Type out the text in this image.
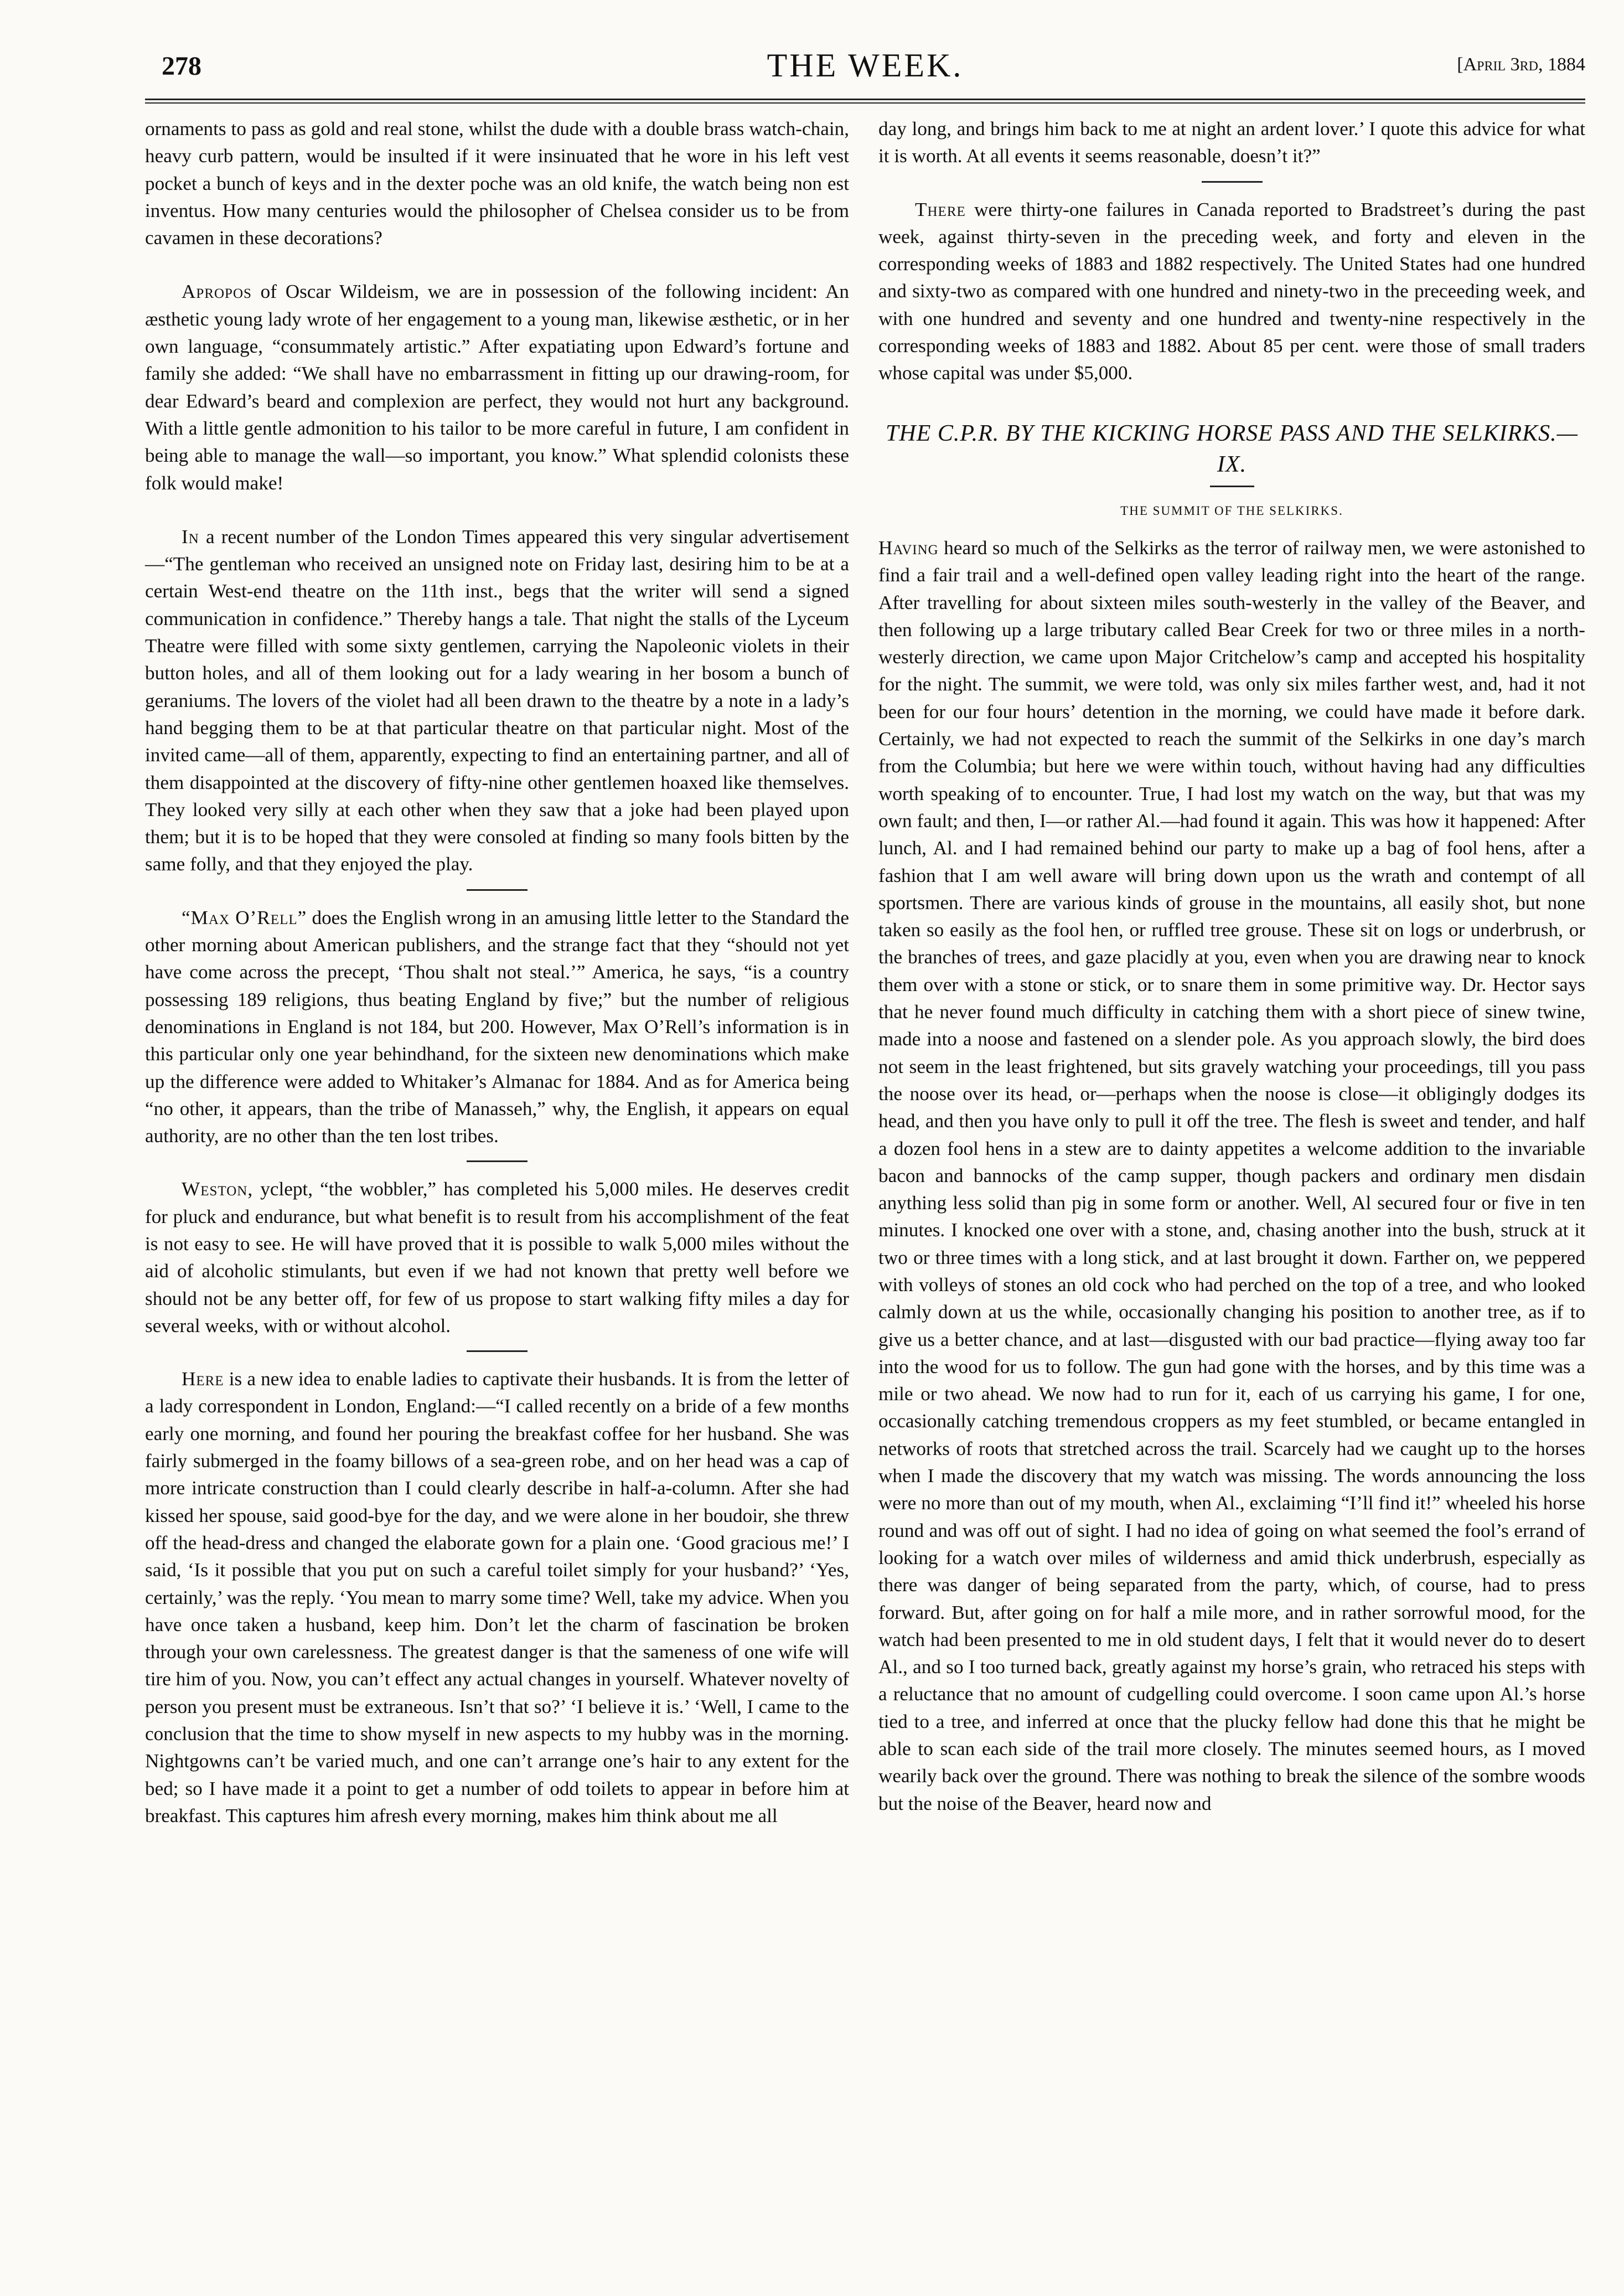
278	THE WEEK.	[April 3rd, 1884

ornaments to pass as gold and real stone, whilst the dude with a double brass watch-chain, heavy curb pattern, would be insulted if it were insinuated that he wore in his left vest pocket a bunch of keys and in the dexter poche was an old knife, the watch being non est inventus. How many centuries would the philosopher of Chelsea consider us to be from cavamen in these decorations?

Apropos of Oscar Wildeism, we are in possession of the following incident: An æsthetic young lady wrote of her engagement to a young man, likewise æsthetic, or in her own language, “consummately artistic.” After expatiating upon Edward’s fortune and family she added: “We shall have no embarrassment in fitting up our drawing-room, for dear Edward’s beard and complexion are perfect, they would not hurt any background. With a little gentle admonition to his tailor to be more careful in future, I am confident in being able to manage the wall—so important, you know.” What splendid colonists these folk would make!

In a recent number of the London Times appeared this very singular advertisement—“The gentleman who received an unsigned note on Friday last, desiring him to be at a certain West-end theatre on the 11th inst., begs that the writer will send a signed communication in confidence.” Thereby hangs a tale. That night the stalls of the Lyceum Theatre were filled with some sixty gentlemen, carrying the Napoleonic violets in their button holes, and all of them looking out for a lady wearing in her bosom a bunch of geraniums. The lovers of the violet had all been drawn to the theatre by a note in a lady’s hand begging them to be at that particular theatre on that particular night. Most of the invited came—all of them, apparently, expecting to find an entertaining partner, and all of them disappointed at the discovery of fifty-nine other gentlemen hoaxed like themselves. They looked very silly at each other when they saw that a joke had been played upon them; but it is to be hoped that they were consoled at finding so many fools bitten by the same folly, and that they enjoyed the play.

“Max O’Rell” does the English wrong in an amusing little letter to the Standard the other morning about American publishers, and the strange fact that they “should not yet have come across the precept, ‘Thou shalt not steal.’” America, he says, “is a country possessing 189 religions, thus beating England by five;” but the number of religious denominations in England is not 184, but 200. However, Max O’Rell’s information is in this particular only one year behindhand, for the sixteen new denominations which make up the difference were added to Whitaker’s Almanac for 1884. And as for America being “no other, it appears, than the tribe of Manasseh,” why, the English, it appears on equal authority, are no other than the ten lost tribes.

Weston, yclept, “the wobbler,” has completed his 5,000 miles. He deserves credit for pluck and endurance, but what benefit is to result from his accomplishment of the feat is not easy to see. He will have proved that it is possible to walk 5,000 miles without the aid of alcoholic stimulants, but even if we had not known that pretty well before we should not be any better off, for few of us propose to start walking fifty miles a day for several weeks, with or without alcohol.

Here is a new idea to enable ladies to captivate their husbands. It is from the letter of a lady correspondent in London, England:—“I called recently on a bride of a few months early one morning, and found her pouring the breakfast coffee for her husband. She was fairly submerged in the foamy billows of a sea-green robe, and on her head was a cap of more intricate construction than I could clearly describe in half-a-column. After she had kissed her spouse, said good-bye for the day, and we were alone in her boudoir, she threw off the head-dress and changed the elaborate gown for a plain one. ‘Good gracious me!’ I said, ‘Is it possible that you put on such a careful toilet simply for your husband?’ ‘Yes, certainly,’ was the reply. ‘You mean to marry some time? Well, take my advice. When you have once taken a husband, keep him. Don’t let the charm of fascination be broken through your own carelessness. The greatest danger is that the sameness of one wife will tire him of you. Now, you can’t effect any actual changes in yourself. Whatever novelty of person you present must be extraneous. Isn’t that so?’ ‘I believe it is.’ ‘Well, I came to the conclusion that the time to show myself in new aspects to my hubby was in the morning. Nightgowns can’t be varied much, and one can’t arrange one’s hair to any extent for the bed; so I have made it a point to get a number of odd toilets to appear in before him at breakfast. This captures him afresh every morning, makes him think about me all

day long, and brings him back to me at night an ardent lover.’ I quote this advice for what it is worth. At all events it seems reasonable, doesn’t it?”

There were thirty-one failures in Canada reported to Bradstreet’s during the past week, against thirty-seven in the preceding week, and forty and eleven in the corresponding weeks of 1883 and 1882 respectively. The United States had one hundred and sixty-two as compared with one hundred and ninety-two in the preceeding week, and with one hundred and seventy and one hundred and twenty-nine respectively in the corresponding weeks of 1883 and 1882. About 85 per cent. were those of small traders whose capital was under $5,000.

THE C.P.R. BY THE KICKING HORSE PASS AND THE SELKIRKS.—IX.
THE SUMMIT OF THE SELKIRKS.

Having heard so much of the Selkirks as the terror of railway men, we were astonished to find a fair trail and a well-defined open valley leading right into the heart of the range. After travelling for about sixteen miles south-westerly in the valley of the Beaver, and then following up a large tributary called Bear Creek for two or three miles in a north-westerly direction, we came upon Major Critchelow’s camp and accepted his hospitality for the night. The summit, we were told, was only six miles farther west, and, had it not been for our four hours’ detention in the morning, we could have made it before dark. Certainly, we had not expected to reach the summit of the Selkirks in one day’s march from the Columbia; but here we were within touch, without having had any difficulties worth speaking of to encounter. True, I had lost my watch on the way, but that was my own fault; and then, I—or rather Al.—had found it again. This was how it happened: After lunch, Al. and I had remained behind our party to make up a bag of fool hens, after a fashion that I am well aware will bring down upon us the wrath and contempt of all sportsmen. There are various kinds of grouse in the mountains, all easily shot, but none taken so easily as the fool hen, or ruffled tree grouse. These sit on logs or underbrush, or the branches of trees, and gaze placidly at you, even when you are drawing near to knock them over with a stone or stick, or to snare them in some primitive way. Dr. Hector says that he never found much difficulty in catching them with a short piece of sinew twine, made into a noose and fastened on a slender pole. As you approach slowly, the bird does not seem in the least frightened, but sits gravely watching your proceedings, till you pass the noose over its head, or—perhaps when the noose is close—it obligingly dodges its head, and then you have only to pull it off the tree. The flesh is sweet and tender, and half a dozen fool hens in a stew are to dainty appetites a welcome addition to the invariable bacon and bannocks of the camp supper, though packers and ordinary men disdain anything less solid than pig in some form or another. Well, Al secured four or five in ten minutes. I knocked one over with a stone, and, chasing another into the bush, struck at it two or three times with a long stick, and at last brought it down. Farther on, we peppered with volleys of stones an old cock who had perched on the top of a tree, and who looked calmly down at us the while, occasionally changing his position to another tree, as if to give us a better chance, and at last—disgusted with our bad practice—flying away too far into the wood for us to follow. The gun had gone with the horses, and by this time was a mile or two ahead. We now had to run for it, each of us carrying his game, I for one, occasionally catching tremendous croppers as my feet stumbled, or became entangled in networks of roots that stretched across the trail. Scarcely had we caught up to the horses when I made the discovery that my watch was missing. The words announcing the loss were no more than out of my mouth, when Al., exclaiming “I’ll find it!” wheeled his horse round and was off out of sight. I had no idea of going on what seemed the fool’s errand of looking for a watch over miles of wilderness and amid thick underbrush, especially as there was danger of being separated from the party, which, of course, had to press forward. But, after going on for half a mile more, and in rather sorrowful mood, for the watch had been presented to me in old student days, I felt that it would never do to desert Al., and so I too turned back, greatly against my horse’s grain, who retraced his steps with a reluctance that no amount of cudgelling could overcome. I soon came upon Al.’s horse tied to a tree, and inferred at once that the plucky fellow had done this that he might be able to scan each side of the trail more closely. The minutes seemed hours, as I moved wearily back over the ground. There was nothing to break the silence of the sombre woods but the noise of the Beaver, heard now and
